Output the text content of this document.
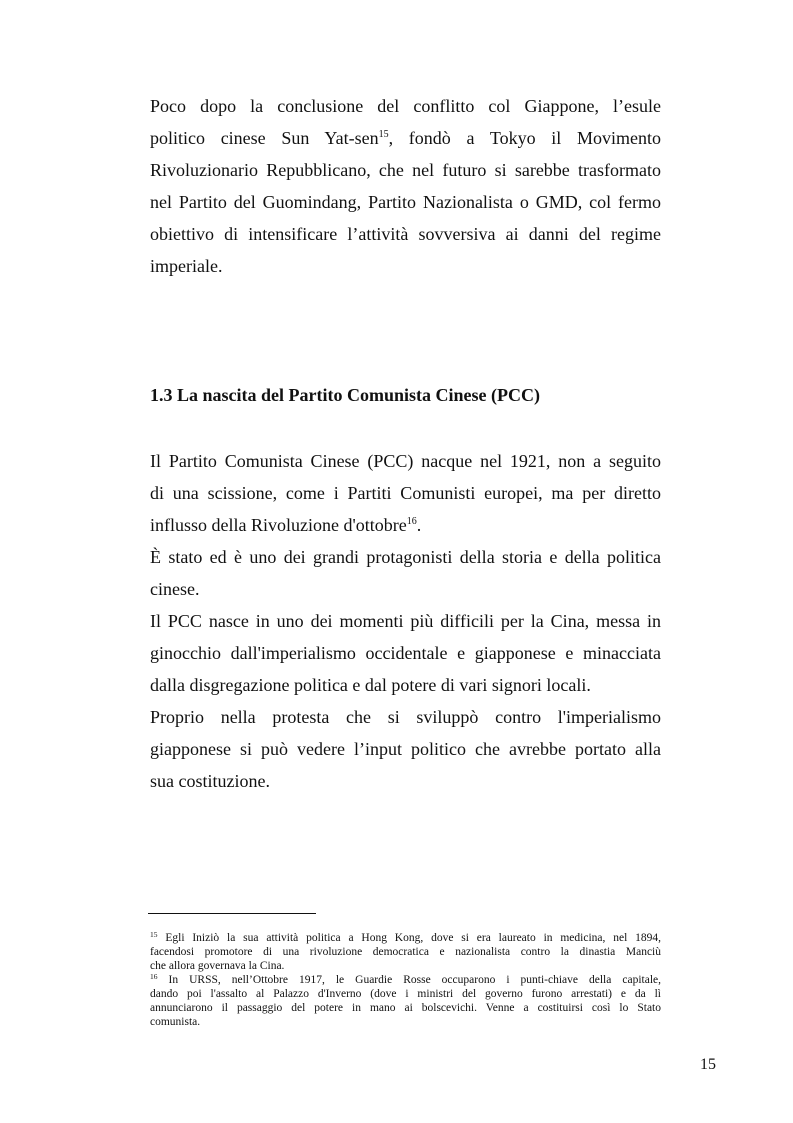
Poco dopo la conclusione del conflitto col Giappone, l’esule
politico cinese Sun Yat-sen$^{15}$, fondò a Tokyo il Movimento
Rivoluzionario Repubblicano, che nel futuro si sarebbe trasformato
nel Partito del Guomindang, Partito Nazionalista o GMD, col fermo
obiettivo di intensificare l’attività sovversiva ai danni del regime
imperiale.
1.3 La nascita del Partito Comunista Cinese (PCC)
Il Partito Comunista Cinese (PCC) nacque nel 1921, non a seguito
di una scissione, come i Partiti Comunisti europei, ma per diretto
influsso della Rivoluzione d'ottobre$^{16}$.
È stato ed è uno dei grandi protagonisti della storia e della politica
cinese.
Il PCC nasce in uno dei momenti più difficili per la Cina, messa in
ginocchio dall'imperialismo occidentale e giapponese e minacciata
dalla disgregazione politica e dal potere di vari signori locali.
Proprio nella protesta che si sviluppò contro l'imperialismo
giapponese si può vedere l’input politico che avrebbe portato alla
sua costituzione.
$^{15}$ Egli Iniziò la sua attività politica a Hong Kong, dove si era laureato in medicina, nel 1894,
facendosi promotore di una rivoluzione democratica e nazionalista contro la dinastia Manciù
che allora governava la Cina.
$^{16}$ In URSS, nell’Ottobre 1917, le Guardie Rosse occuparono i punti-chiave della capitale,
dando poi l'assalto al Palazzo d'Inverno (dove i ministri del governo furono arrestati) e da lì
annunciarono il passaggio del potere in mano ai bolscevichi. Venne a costituirsi così lo Stato
comunista.
15
